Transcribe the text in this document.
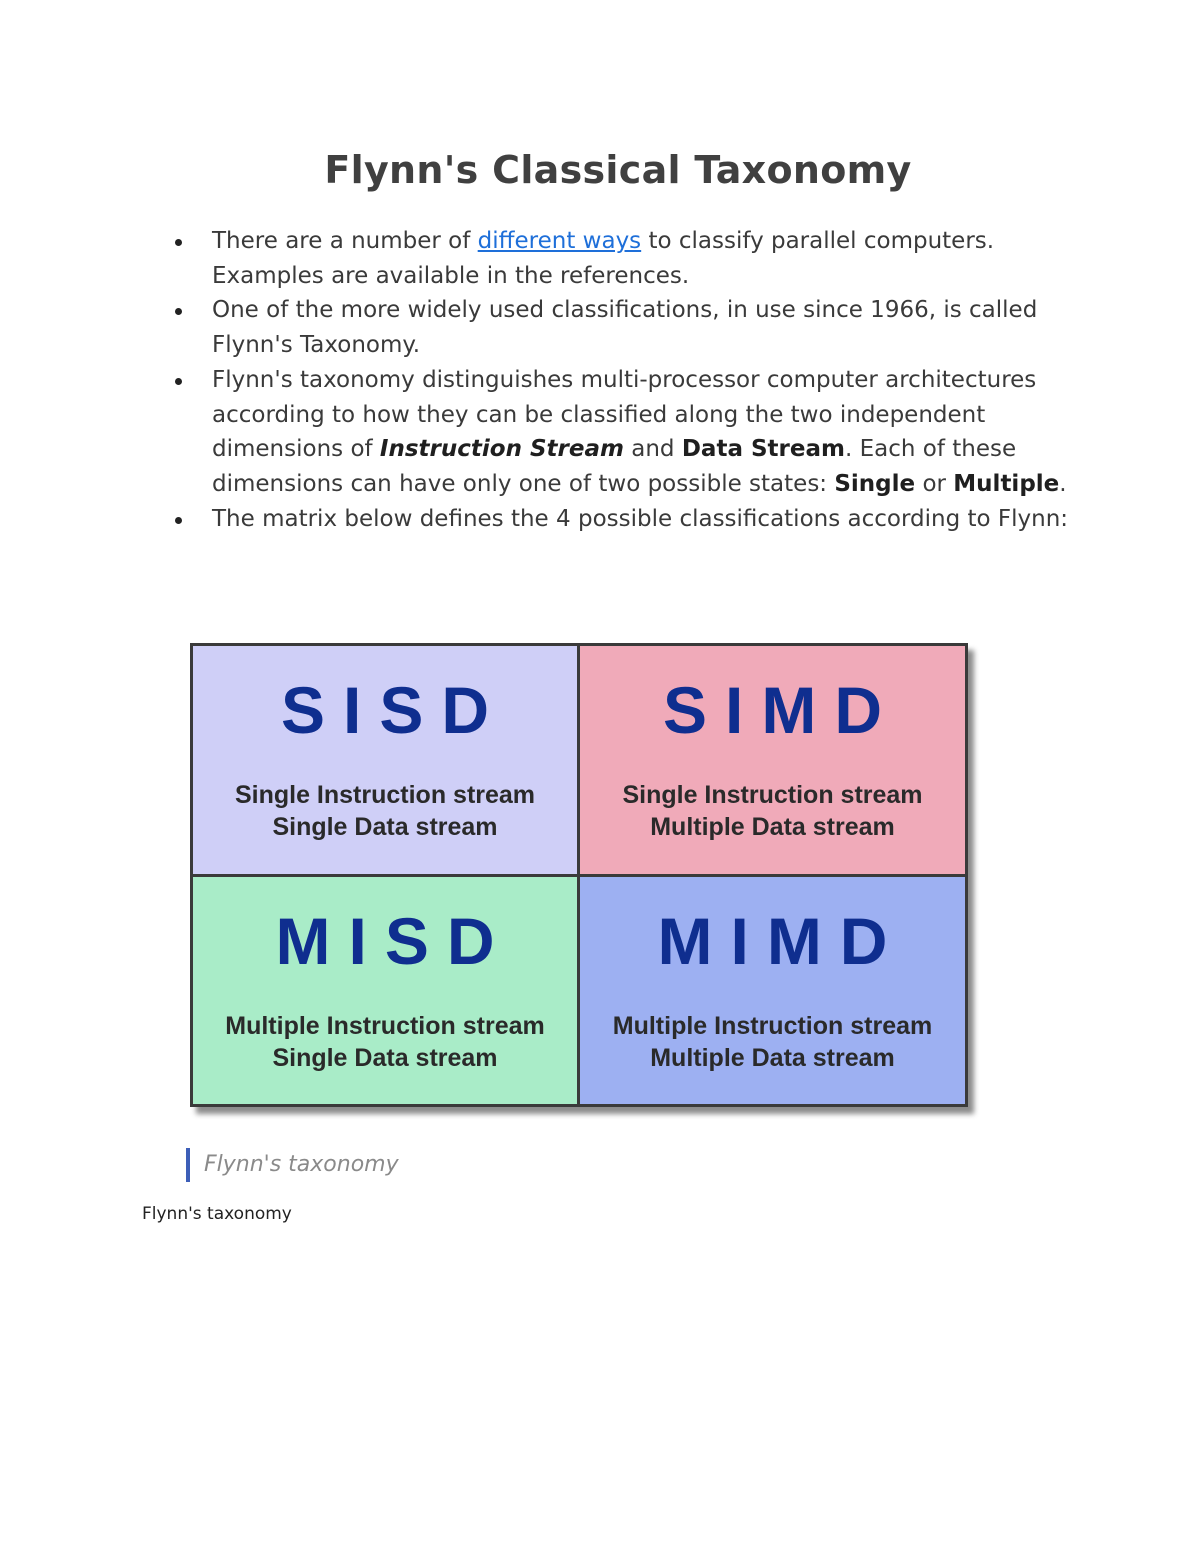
Flynn's Classical Taxonomy
There are a number of different ways to classify parallel computers. Examples are available in the references.
One of the more widely used classifications, in use since 1966, is called Flynn's Taxonomy.
Flynn's taxonomy distinguishes multi-processor computer architectures according to how they can be classified along the two independent dimensions of Instruction Stream and Data Stream. Each of these dimensions can have only one of two possible states: Single or Multiple.
The matrix below defines the 4 possible classifications according to Flynn:
SISD
Single Instruction stream
Single Data stream
SIMD
Single Instruction stream
Multiple Data stream
MISD
Multiple Instruction stream
Single Data stream
MIMD
Multiple Instruction stream
Multiple Data stream
Flynn's taxonomy
Flynn's taxonomy
